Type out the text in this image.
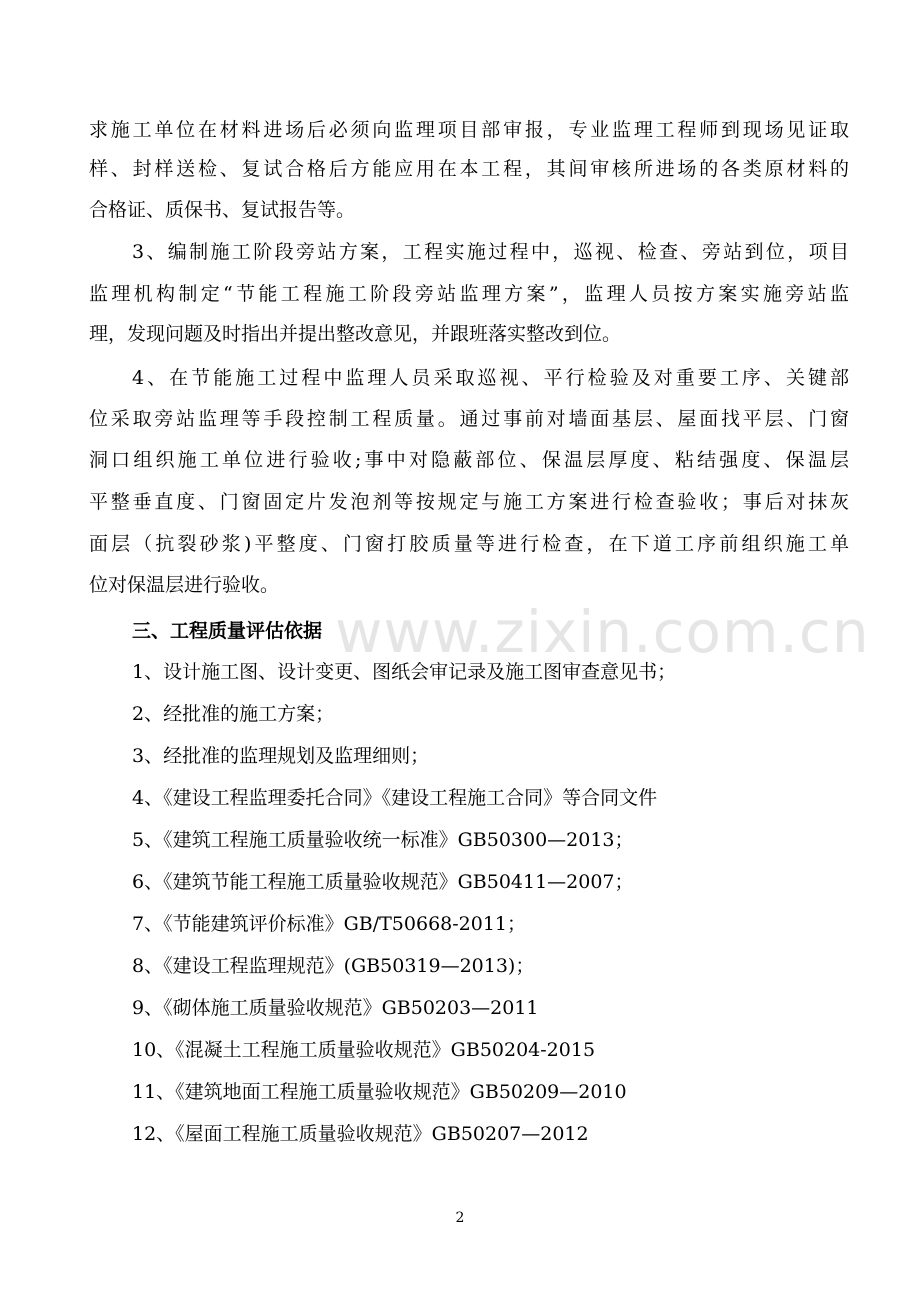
求施工单位在材料进场后必须向监理项目部审报，专业监理工程师到现场见证取
样、封样送检、复试合格后方能应用在本工程，其间审核所进场的各类原材料的
合格证、质保书、复试报告等。
3、编制施工阶段旁站方案，工程实施过程中，巡视、检查、旁站到位，项目
监理机构制定“节能工程施工阶段旁站监理方案”，监理人员按方案实施旁站监
理，发现问题及时指出并提出整改意见，并跟班落实整改到位。
4、在节能施工过程中监理人员采取巡视、平行检验及对重要工序、关键部
位采取旁站监理等手段控制工程质量。通过事前对墙面基层、屋面找平层、门窗
洞口组织施工单位进行验收;事中对隐蔽部位、保温层厚度、粘结强度、保温层
平整垂直度、门窗固定片发泡剂等按规定与施工方案进行检查验收；事后对抹灰
面层（抗裂砂浆)平整度、门窗打胶质量等进行检查，在下道工序前组织施工单
位对保温层进行验收。
www.zixin.com.cn
三、工程质量评估依据
1、设计施工图、设计变更、图纸会审记录及施工图审查意见书；
2、经批准的施工方案；
3、经批准的监理规划及监理细则；
4、《建设工程监理委托合同》《建设工程施工合同》等合同文件
5、《建筑工程施工质量验收统一标准》GB50300—2013；
6、《建筑节能工程施工质量验收规范》GB50411—2007；
7、《节能建筑评价标准》GB/T50668-2011；
8、《建设工程监理规范》(GB50319—2013)；
9、《砌体施工质量验收规范》GB50203—2011
10、《混凝土工程施工质量验收规范》GB50204-2015
11、《建筑地面工程施工质量验收规范》GB50209—2010
12、《屋面工程施工质量验收规范》GB50207—2012
2
